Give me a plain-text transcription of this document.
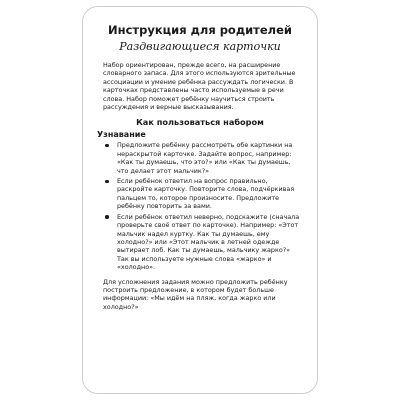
Инструкция для родителей
Раздвигающиеся карточки

Набор ориентирован, прежде всего, на расширение словарного запаса. Для этого используются зрительные ассоциации и умение ребёнка рассуждать логически. В карточках представлены часто используемые в речи слова. Набор поможет ребёнку научиться строить рассуждения и верные высказывания.

Как пользоваться набором
Узнавание
Предложите ребёнку рассмотреть обе картинки на нераскрытой карточке. Задайте вопрос, например: «Как ты думаешь, что это?» или «Как ты думаешь, что делает этот мальчик?»
Если ребёнок ответил на вопрос правильно, раскройте карточку. Повторите слова, подчёркивая пальцем то, которое произносите. Предложите ребёнку повторить за вами.
Если ребёнок ответил неверно, подскажите (сначала проверьте своё ответ по карточке). Например: «Этот мальчик надел куртку. Как ты думаешь, ему холодно?» или «Этот мальчик в летней одежде вытирает лоб. Как ты думаешь, мальчику жарко?» Так вы используете нужные слова «жарко» и «холодно».

Для усложнения задания можно предложить ребёнку построить предложение, в котором будет больше информации: «Мы идём на пляж, когда жарко или холодно?»
